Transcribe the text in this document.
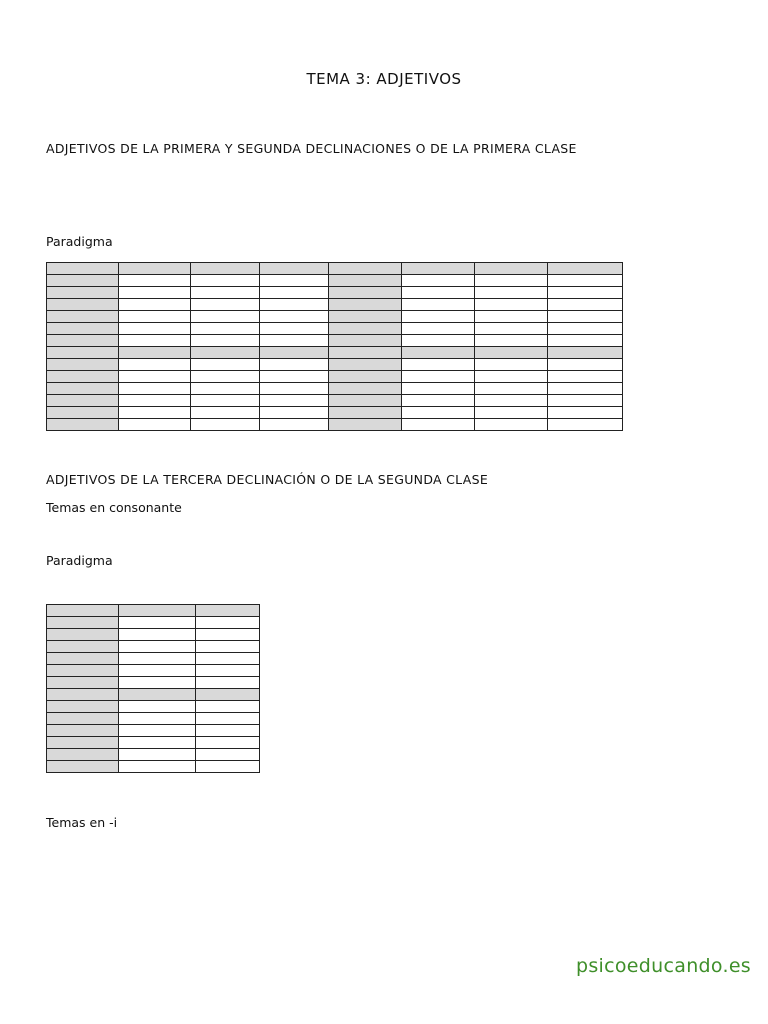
TEMA 3: ADJETIVOS
ADJETIVOS DE LA PRIMERA Y SEGUNDA DECLINACIONES O DE LA PRIMERA CLASE
Paradigma

ADJETIVOS DE LA TERCERA DECLINACIÓN O DE LA SEGUNDA CLASE
Temas en consonante
Paradigma

Temas en -i
psicoeducando.es
